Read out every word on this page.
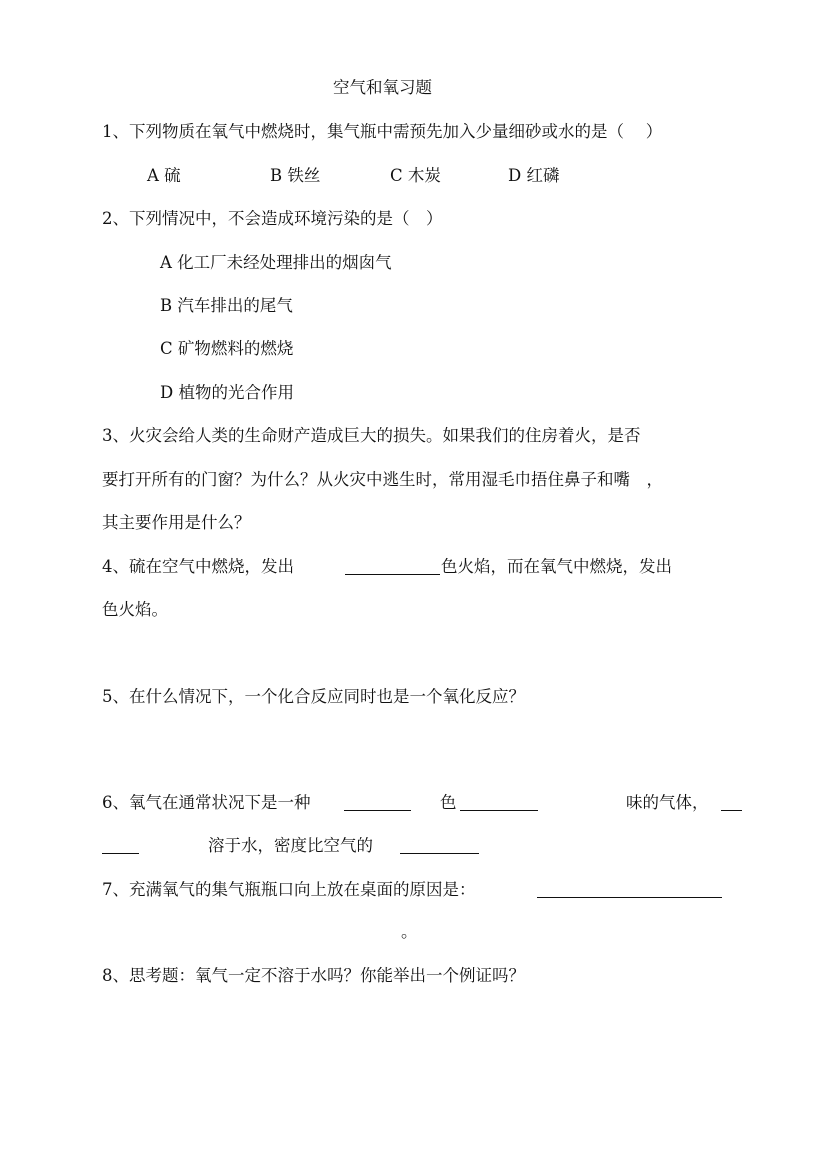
空气和氧习题
1、下列物质在氧气中燃烧时，集气瓶中需预先加入少量细砂或水的是（　 ）
A 硫	B 铁丝	C 木炭	D 红磷
2、下列情况中，不会造成环境污染的是（　）
A 化工厂未经处理排出的烟囱气
B 汽车排出的尾气
C 矿物燃料的燃烧
D 植物的光合作用
3、火灾会给人类的生命财产造成巨大的损失。如果我们的住房着火，是否
要打开所有的门窗？为什么？从火灾中逃生时，常用湿毛巾捂住鼻子和嘴　，
其主要作用是什么？
4、硫在空气中燃烧，发出	色火焰，而在氧气中燃烧，发出
色火焰。
5、在什么情况下，一个化合反应同时也是一个氧化反应？
6、氧气在通常状况下是一种	色	味的气体，
溶于水，密度比空气的
7、充满氧气的集气瓶瓶口向上放在桌面的原因是：
。
8、思考题：氧气一定不溶于水吗？你能举出一个例证吗？
